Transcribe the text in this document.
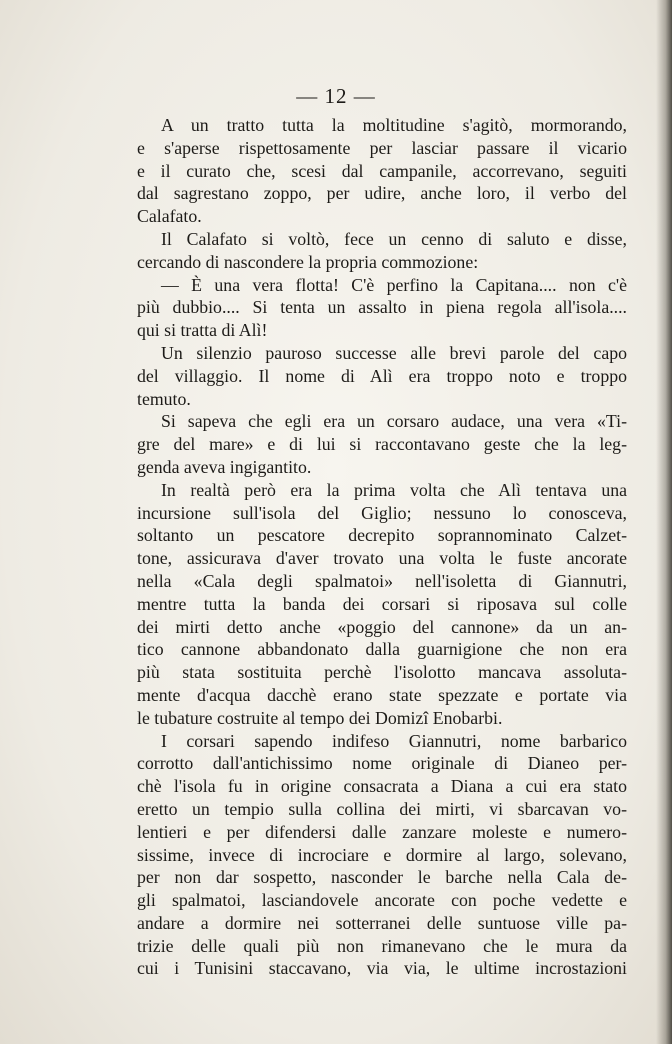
— 12 —
A un tratto tutta la moltitudine s'agitò, mormorando,
e s'aperse rispettosamente per lasciar passare il vicario
e il curato che, scesi dal campanile, accorrevano, seguiti
dal sagrestano zoppo, per udire, anche loro, il verbo del
Calafato.
Il Calafato si voltò, fece un cenno di saluto e disse,
cercando di nascondere la propria commozione:
— È una vera flotta! C'è perfino la Capitana.... non c'è
più dubbio.... Si tenta un assalto in piena regola all'isola....
qui si tratta di Alì!
Un silenzio pauroso successe alle brevi parole del capo
del villaggio. Il nome di Alì era troppo noto e troppo
temuto.
Si sapeva che egli era un corsaro audace, una vera «Ti-
gre del mare» e di lui si raccontavano geste che la leg-
genda aveva ingigantito.
In realtà però era la prima volta che Alì tentava una
incursione sull'isola del Giglio; nessuno lo conosceva,
soltanto un pescatore decrepito soprannominato Calzet-
tone, assicurava d'aver trovato una volta le fuste ancorate
nella «Cala degli spalmatoi» nell'isoletta di Giannutri,
mentre tutta la banda dei corsari si riposava sul colle
dei mirti detto anche «poggio del cannone» da un an-
tico cannone abbandonato dalla guarnigione che non era
più stata sostituita perchè l'isolotto mancava assoluta-
mente d'acqua dacchè erano state spezzate e portate via
le tubature costruite al tempo dei Domizî Enobarbi.
I corsari sapendo indifeso Giannutri, nome barbarico
corrotto dall'antichissimo nome originale di Dianeo per-
chè l'isola fu in origine consacrata a Diana a cui era stato
eretto un tempio sulla collina dei mirti, vi sbarcavan vo-
lentieri e per difendersi dalle zanzare moleste e numero-
sissime, invece di incrociare e dormire al largo, solevano,
per non dar sospetto, nasconder le barche nella Cala de-
gli spalmatoi, lasciandovele ancorate con poche vedette e
andare a dormire nei sotterranei delle suntuose ville pa-
trizie delle quali più non rimanevano che le mura da
cui i Tunisini staccavano, via via, le ultime incrostazioni
